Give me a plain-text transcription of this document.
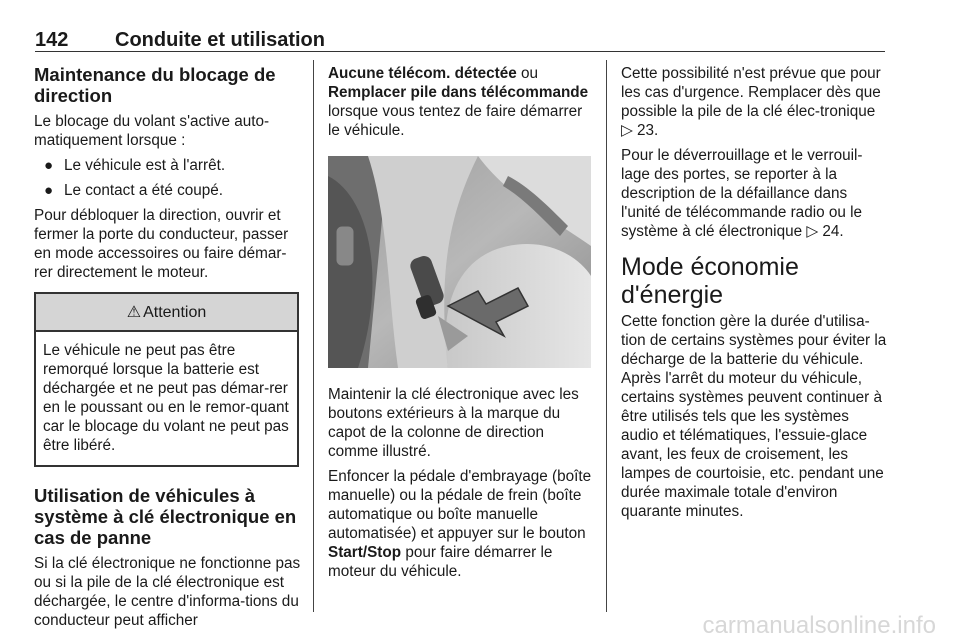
142 Conduite et utilisation
Maintenance du blocage de direction

Le blocage du volant s'active auto-matiquement lorsque :

● Le véhicule est à l'arrêt.
● Le contact a été coupé.

Pour débloquer la direction, ouvrir et fermer la porte du conducteur, passer en mode accessoires ou faire démar-rer directement le moteur.

⚠ Attention
Le véhicule ne peut pas être remorqué lorsque la batterie est déchargée et ne peut pas démar-rer en le poussant ou en le remor-quant car le blocage du volant ne peut pas être libéré.
Utilisation de véhicules à système à clé électronique en cas de panne

Si la clé électronique ne fonctionne pas ou si la pile de la clé électronique est déchargée, le centre d'informa-tions du conducteur peut afficher

Aucune télécom. détectée ou Remplacer pile dans télécommande lorsque vous tentez de faire démarrer le véhicule.

Maintenir la clé électronique avec les boutons extérieurs à la marque du capot de la colonne de direction comme illustré.

Enfoncer la pédale d'embrayage (boîte manuelle) ou la pédale de frein (boîte automatique ou boîte manuelle automatisée) et appuyer sur le bouton Start/Stop pour faire démarrer le moteur du véhicule.

Cette possibilité n'est prévue que pour les cas d'urgence. Remplacer dès que possible la pile de la clé élec-tronique ▷ 23.

Pour le déverrouillage et le verrouil-lage des portes, se reporter à la description de la défaillance dans l'unité de télécommande radio ou le système à clé électronique ▷ 24.

Mode économie d'énergie

Cette fonction gère la durée d'utilisa-tion de certains systèmes pour éviter la décharge de la batterie du véhicule. Après l'arrêt du moteur du véhicule, certains systèmes peuvent continuer à être utilisés tels que les systèmes audio et télématiques, l'essuie-glace avant, les feux de croisement, les lampes de courtoisie, etc. pendant une durée maximale totale d'environ quarante minutes.

carmanualsonline.info
